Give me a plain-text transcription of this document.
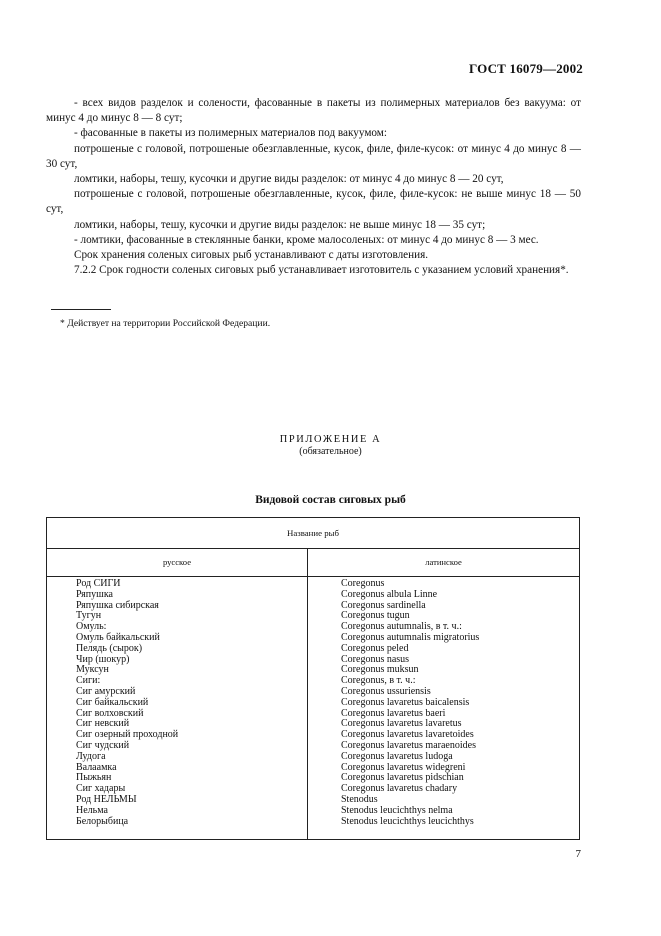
ГОСТ 16079—2002

- всех видов разделок и солености, фасованные в пакеты из полимерных материалов без вакуума: от минус 4 до минус 8 — 8 сут;

- фасованные в пакеты из полимерных материалов под вакуумом:

потрошеные с головой, потрошеные обезглавленные, кусок, филе, филе-кусок: от минус 4 до минус 8 — 30 сут,

ломтики, наборы, тешу, кусочки и другие виды разделок: от минус 4 до минус 8 — 20 сут,

потрошеные с головой, потрошеные обезглавленные, кусок, филе, филе-кусок: не выше минус 18 — 50 сут,

ломтики, наборы, тешу, кусочки и другие виды разделок: не выше минус 18 — 35 сут;

- ломтики, фасованные в стеклянные банки, кроме малосоленых: от минус 4 до минус 8 — 3 мес.

Срок хранения соленых сиговых рыб устанавливают с даты изготовления.

7.2.2 Срок годности соленых сиговых рыб устанавливает изготовитель с указанием условий хранения*.

* Действует на территории Российской Федерации.
ПРИЛОЖЕНИЕ А
(обязательное)
Видовой состав сиговых рыб
Название рыб
русское	латинское
Род СИГИ	Coregonus
Ряпушка	Coregonus albula Linne
Ряпушка сибирская	Coregonus sardinella
Тугун	Coregonus tugun
Омуль:	Coregonus autumnalis, в т. ч.:
Омуль байкальский	Coregonus autumnalis migratorius
Пелядь (сырок)	Coregonus peled
Чир (шокур)	Coregonus nasus
Муксун	Coregonus muksun
Сиги:	Coregonus, в т. ч.:
Сиг амурский	Coregonus ussuriensis
Сиг байкальский	Coregonus lavaretus baicalensis
Сиг волховский	Coregonus lavaretus baeri
Сиг невский	Coregonus lavaretus lavaretus
Сиг озерный проходной	Coregonus lavaretus lavaretoides
Сиг чудский	Coregonus lavaretus maraenoides
Лудога	Coregonus lavaretus ludoga
Валаамка	Coregonus lavaretus widegreni
Пыжьян	Coregonus lavaretus pidschian
Сиг хадары	Coregonus lavaretus chadary
Род НЕЛЬМЫ	Stenodus
Нельма	Stenodus leucichthys nelma
Белорыбица	Stenodus leucichthys leucichthys
7
